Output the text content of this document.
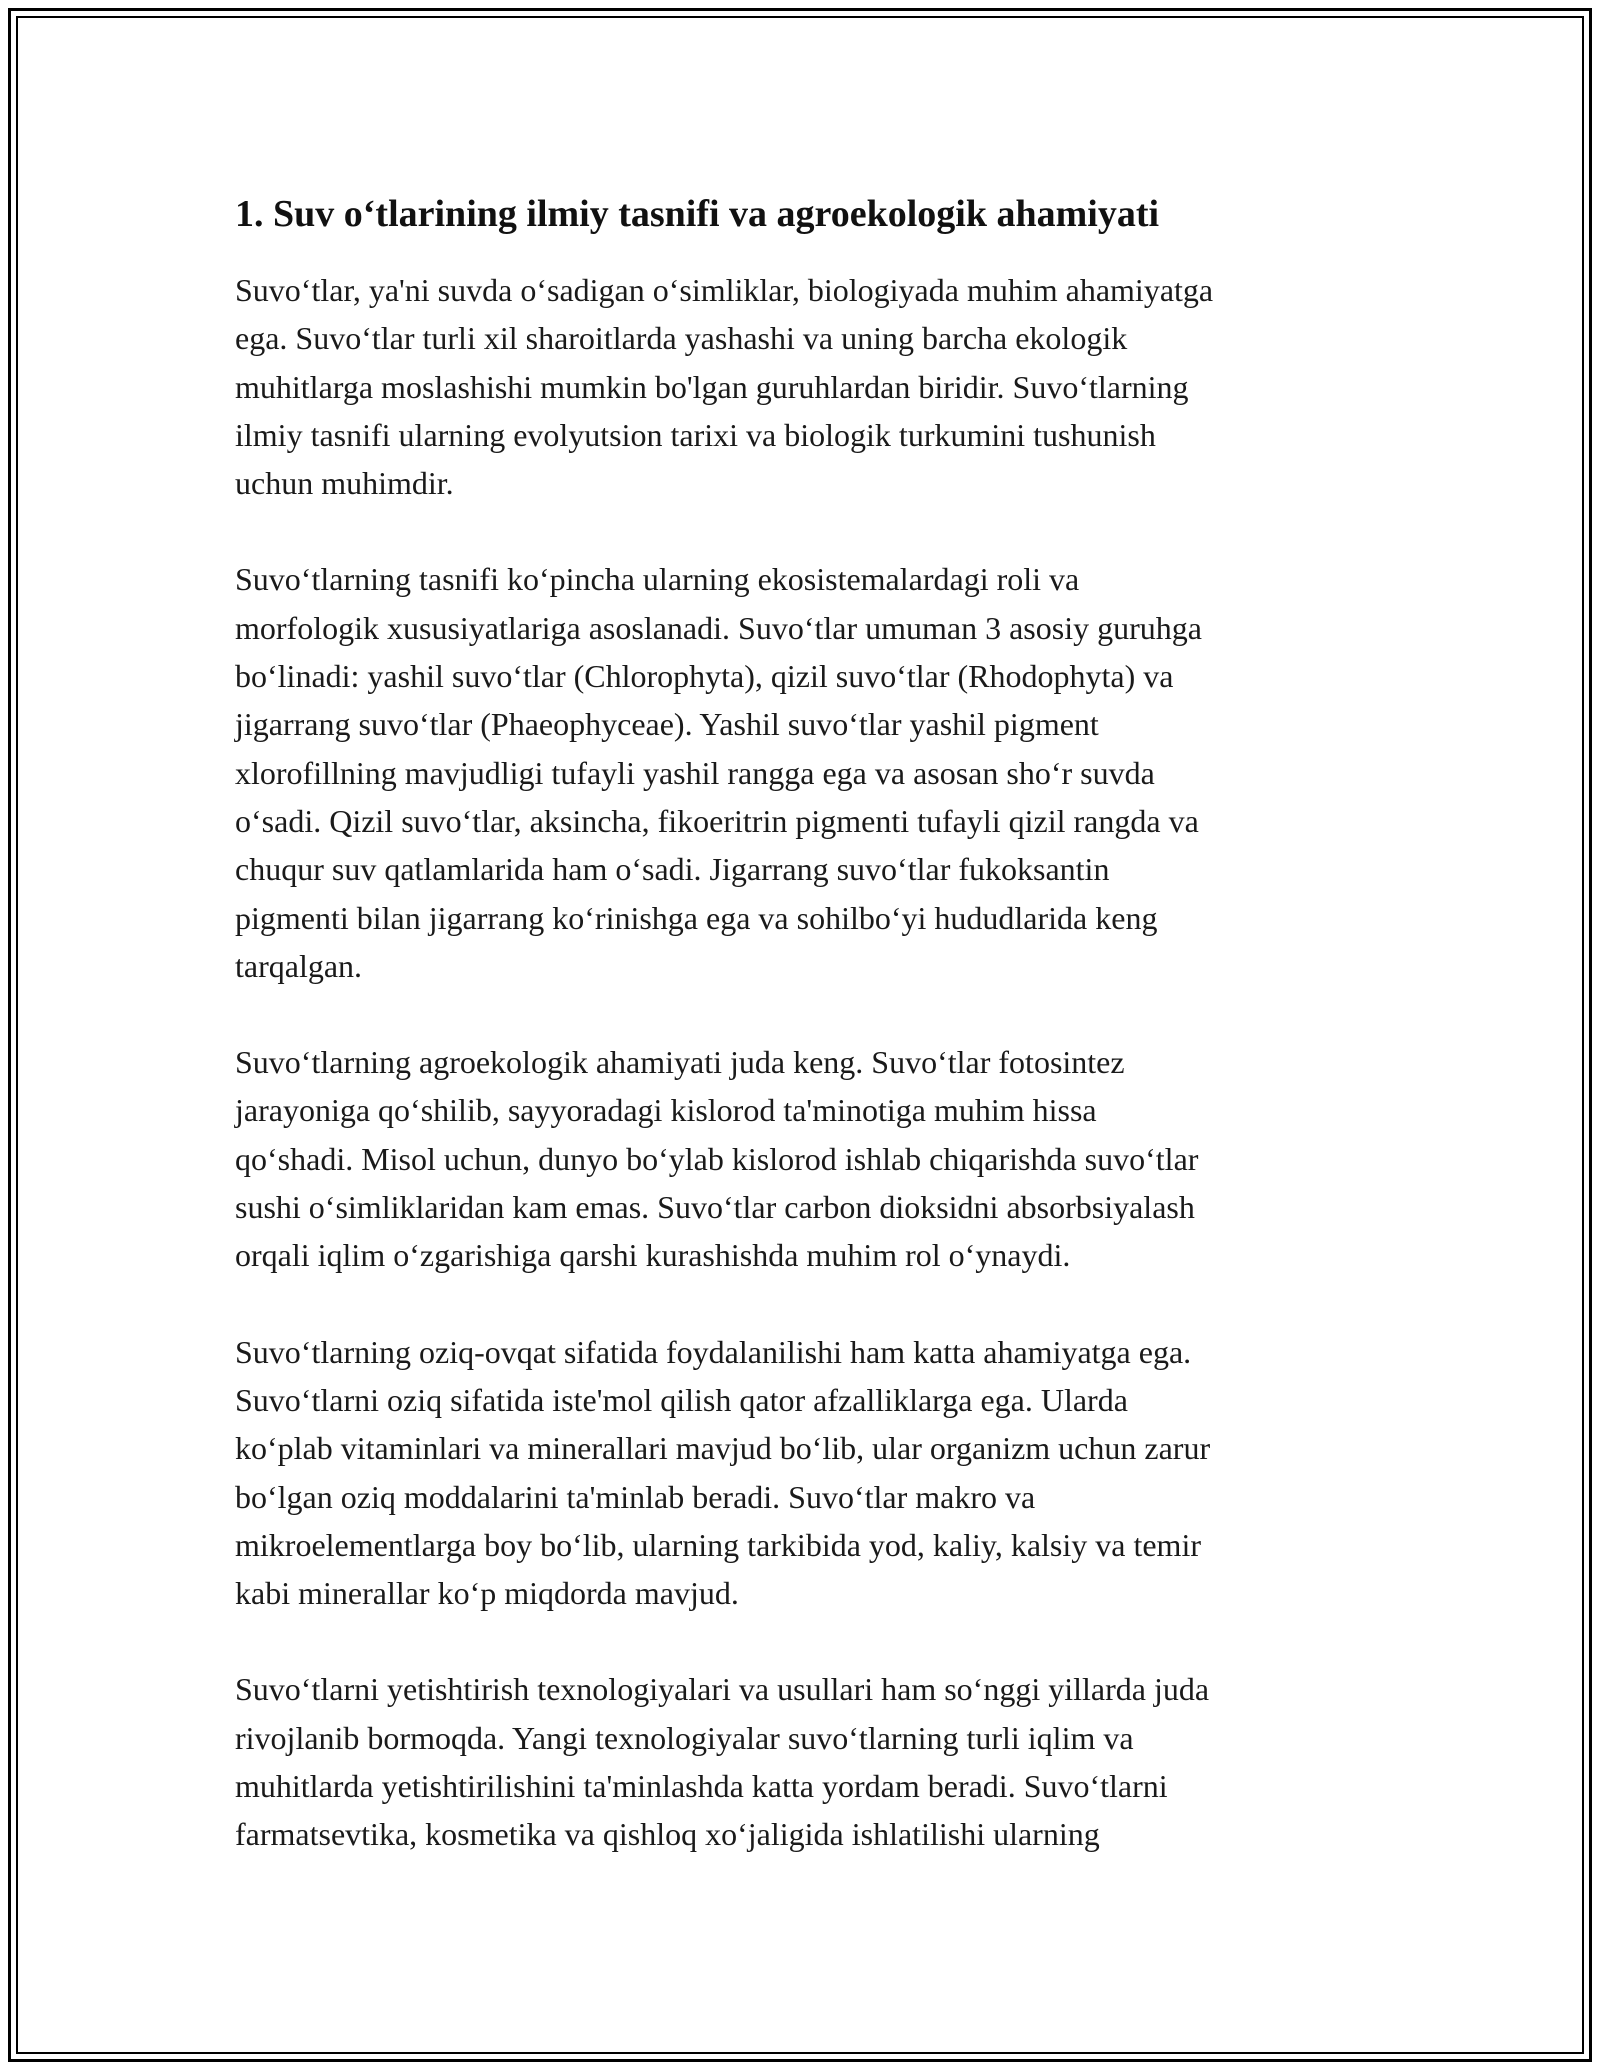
1. Suv o‘tlarining ilmiy tasnifi va agroekologik ahamiyati

Suvo‘tlar, ya'ni suvda o‘sadigan o‘simliklar, biologiyada muhim ahamiyatga
ega. Suvo‘tlar turli xil sharoitlarda yashashi va uning barcha ekologik
muhitlarga moslashishi mumkin bo'lgan guruhlardan biridir. Suvo‘tlarning
ilmiy tasnifi ularning evolyutsion tarixi va biologik turkumini tushunish
uchun muhimdir.

Suvo‘tlarning tasnifi ko‘pincha ularning ekosistemalardagi roli va
morfologik xususiyatlariga asoslanadi. Suvo‘tlar umuman 3 asosiy guruhga
bo‘linadi: yashil suvo‘tlar (Chlorophyta), qizil suvo‘tlar (Rhodophyta) va
jigarrang suvo‘tlar (Phaeophyceae). Yashil suvo‘tlar yashil pigment
xlorofillning mavjudligi tufayli yashil rangga ega va asosan sho‘r suvda
o‘sadi. Qizil suvo‘tlar, aksincha, fikoeritrin pigmenti tufayli qizil rangda va
chuqur suv qatlamlarida ham o‘sadi. Jigarrang suvo‘tlar fukoksantin
pigmenti bilan jigarrang ko‘rinishga ega va sohilbo‘yi hududlarida keng
tarqalgan.

Suvo‘tlarning agroekologik ahamiyati juda keng. Suvo‘tlar fotosintez
jarayoniga qo‘shilib, sayyoradagi kislorod ta'minotiga muhim hissa
qo‘shadi. Misol uchun, dunyo bo‘ylab kislorod ishlab chiqarishda suvo‘tlar
sushi o‘simliklaridan kam emas. Suvo‘tlar carbon dioksidni absorbsiyalash
orqali iqlim o‘zgarishiga qarshi kurashishda muhim rol o‘ynaydi.

Suvo‘tlarning oziq-ovqat sifatida foydalanilishi ham katta ahamiyatga ega.
Suvo‘tlarni oziq sifatida iste'mol qilish qator afzalliklarga ega. Ularda
ko‘plab vitaminlari va minerallari mavjud bo‘lib, ular organizm uchun zarur
bo‘lgan oziq moddalarini ta'minlab beradi. Suvo‘tlar makro va
mikroelementlarga boy bo‘lib, ularning tarkibida yod, kaliy, kalsiy va temir
kabi minerallar ko‘p miqdorda mavjud.

Suvo‘tlarni yetishtirish texnologiyalari va usullari ham so‘nggi yillarda juda
rivojlanib bormoqda. Yangi texnologiyalar suvo‘tlarning turli iqlim va
muhitlarda yetishtirilishini ta'minlashda katta yordam beradi. Suvo‘tlarni
farmatsevtika, kosmetika va qishloq xo‘jaligida ishlatilishi ularning
